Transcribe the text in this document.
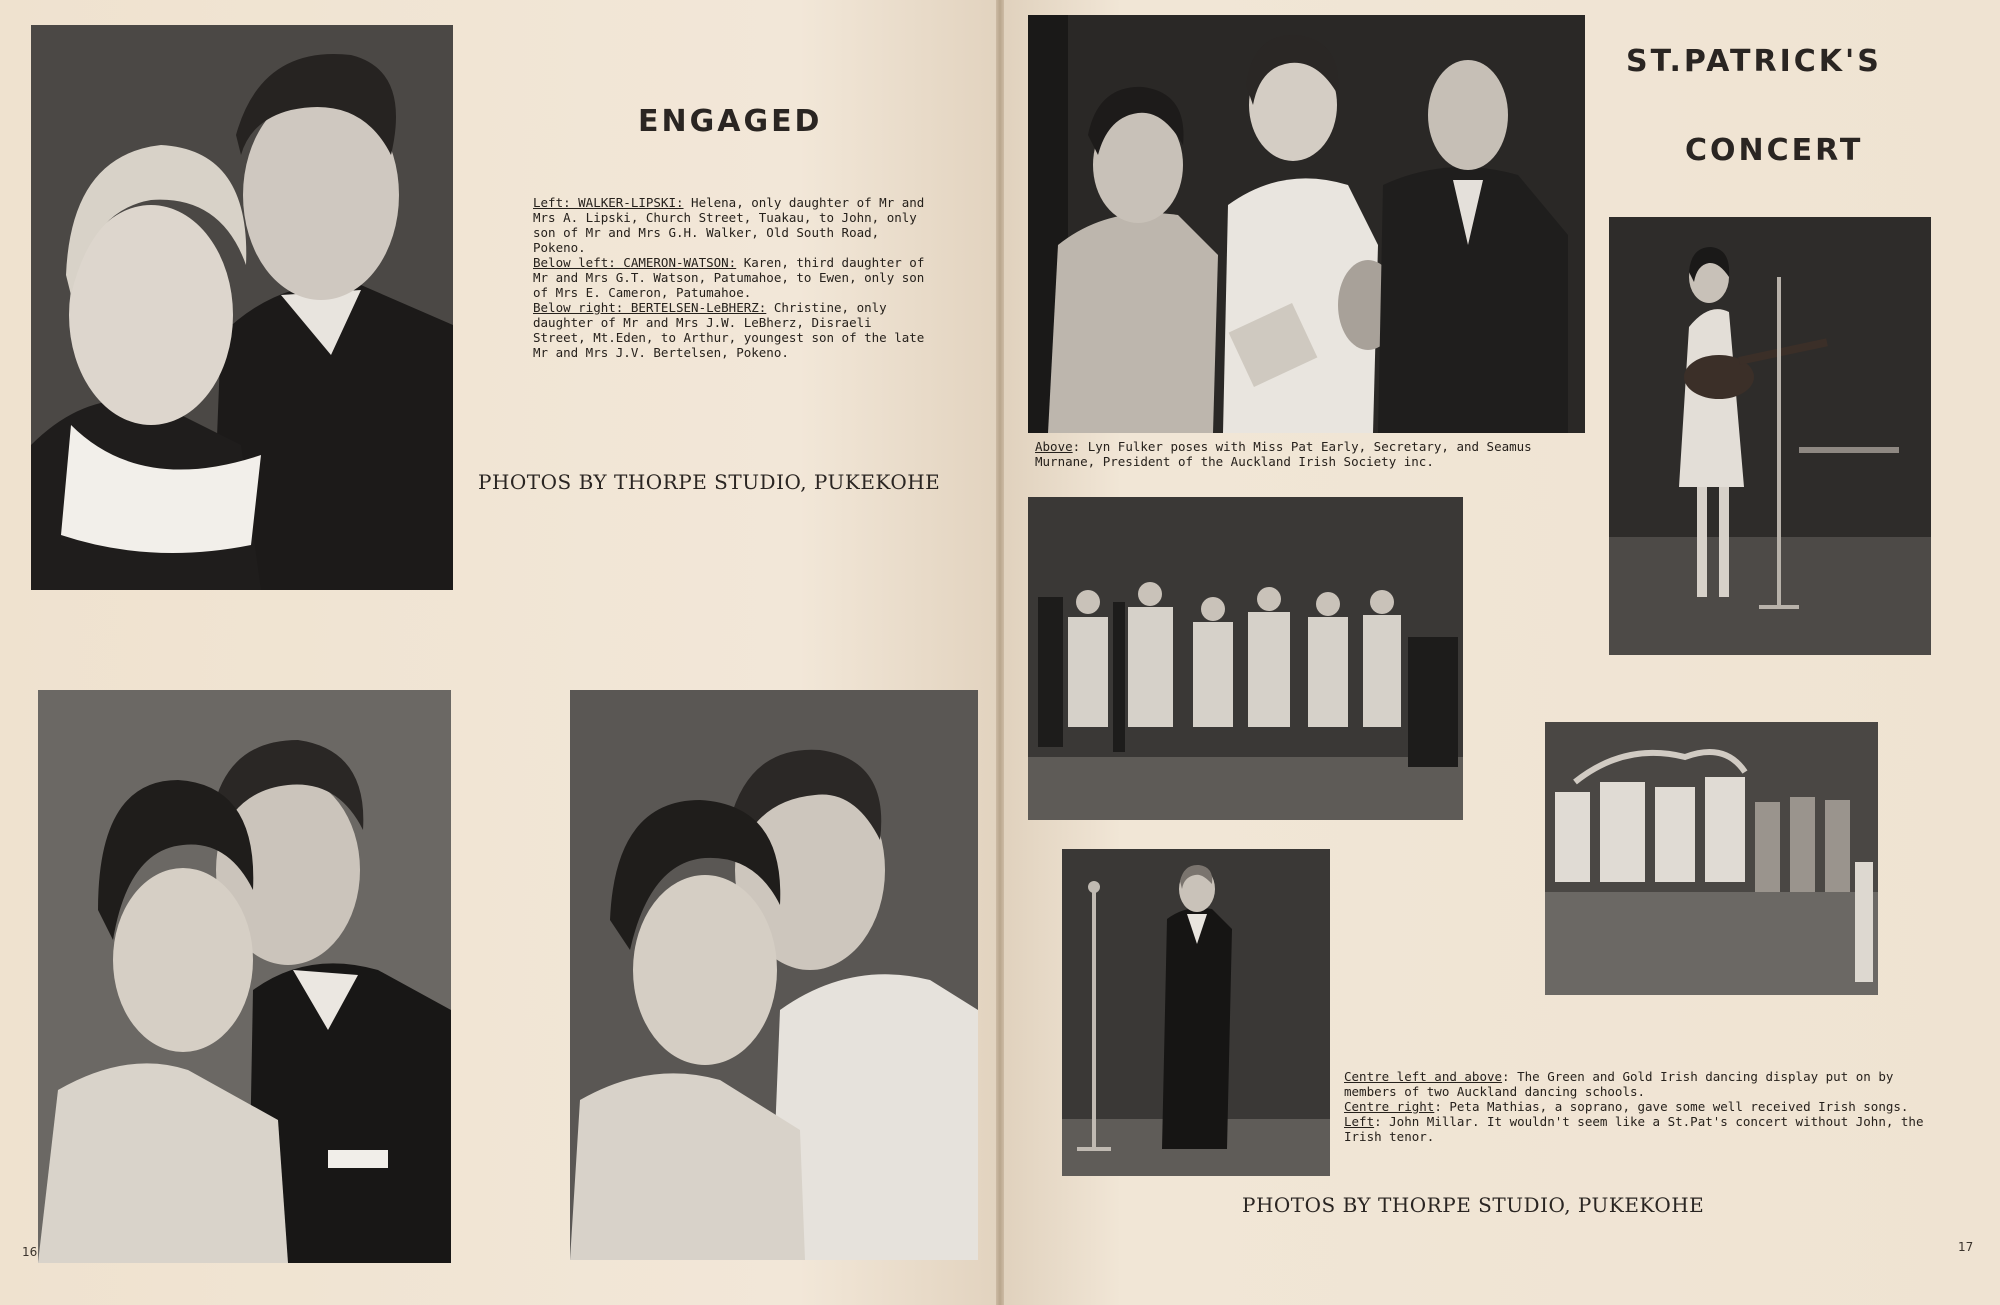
ENGAGED

Left: WALKER-LIPSKI: Helena, only daughter of Mr and Mrs A. Lipski, Church Street, Tuakau, to John, only son of Mr and Mrs G.H. Walker, Old South Road, Pokeno.
Below left: CAMERON-WATSON: Karen, third daughter of Mr and Mrs G.T. Watson, Patumahoe, to Ewen, only son of Mrs E. Cameron, Patumahoe.
Below right: BERTELSEN-LeBHERZ: Christine, only daughter of Mr and Mrs J.W. LeBherz, Disraeli Street, Mt.Eden, to Arthur, youngest son of the late Mr and Mrs J.V. Bertelsen, Pokeno.

PHOTOS BY THORPE STUDIO, PUKEKOHE

16
ST.PATRICK'S
CONCERT

Above: Lyn Fulker poses with Miss Pat Early, Secretary, and Seamus Murnane, President of the Auckland Irish Society inc.

Centre left and above: The Green and Gold Irish dancing display put on by members of two Auckland dancing schools.
Centre right: Peta Mathias, a soprano, gave some well received Irish songs.
Left: John Millar. It wouldn't seem like a St.Pat's concert without John, the Irish tenor.

PHOTOS BY THORPE STUDIO, PUKEKOHE

17
